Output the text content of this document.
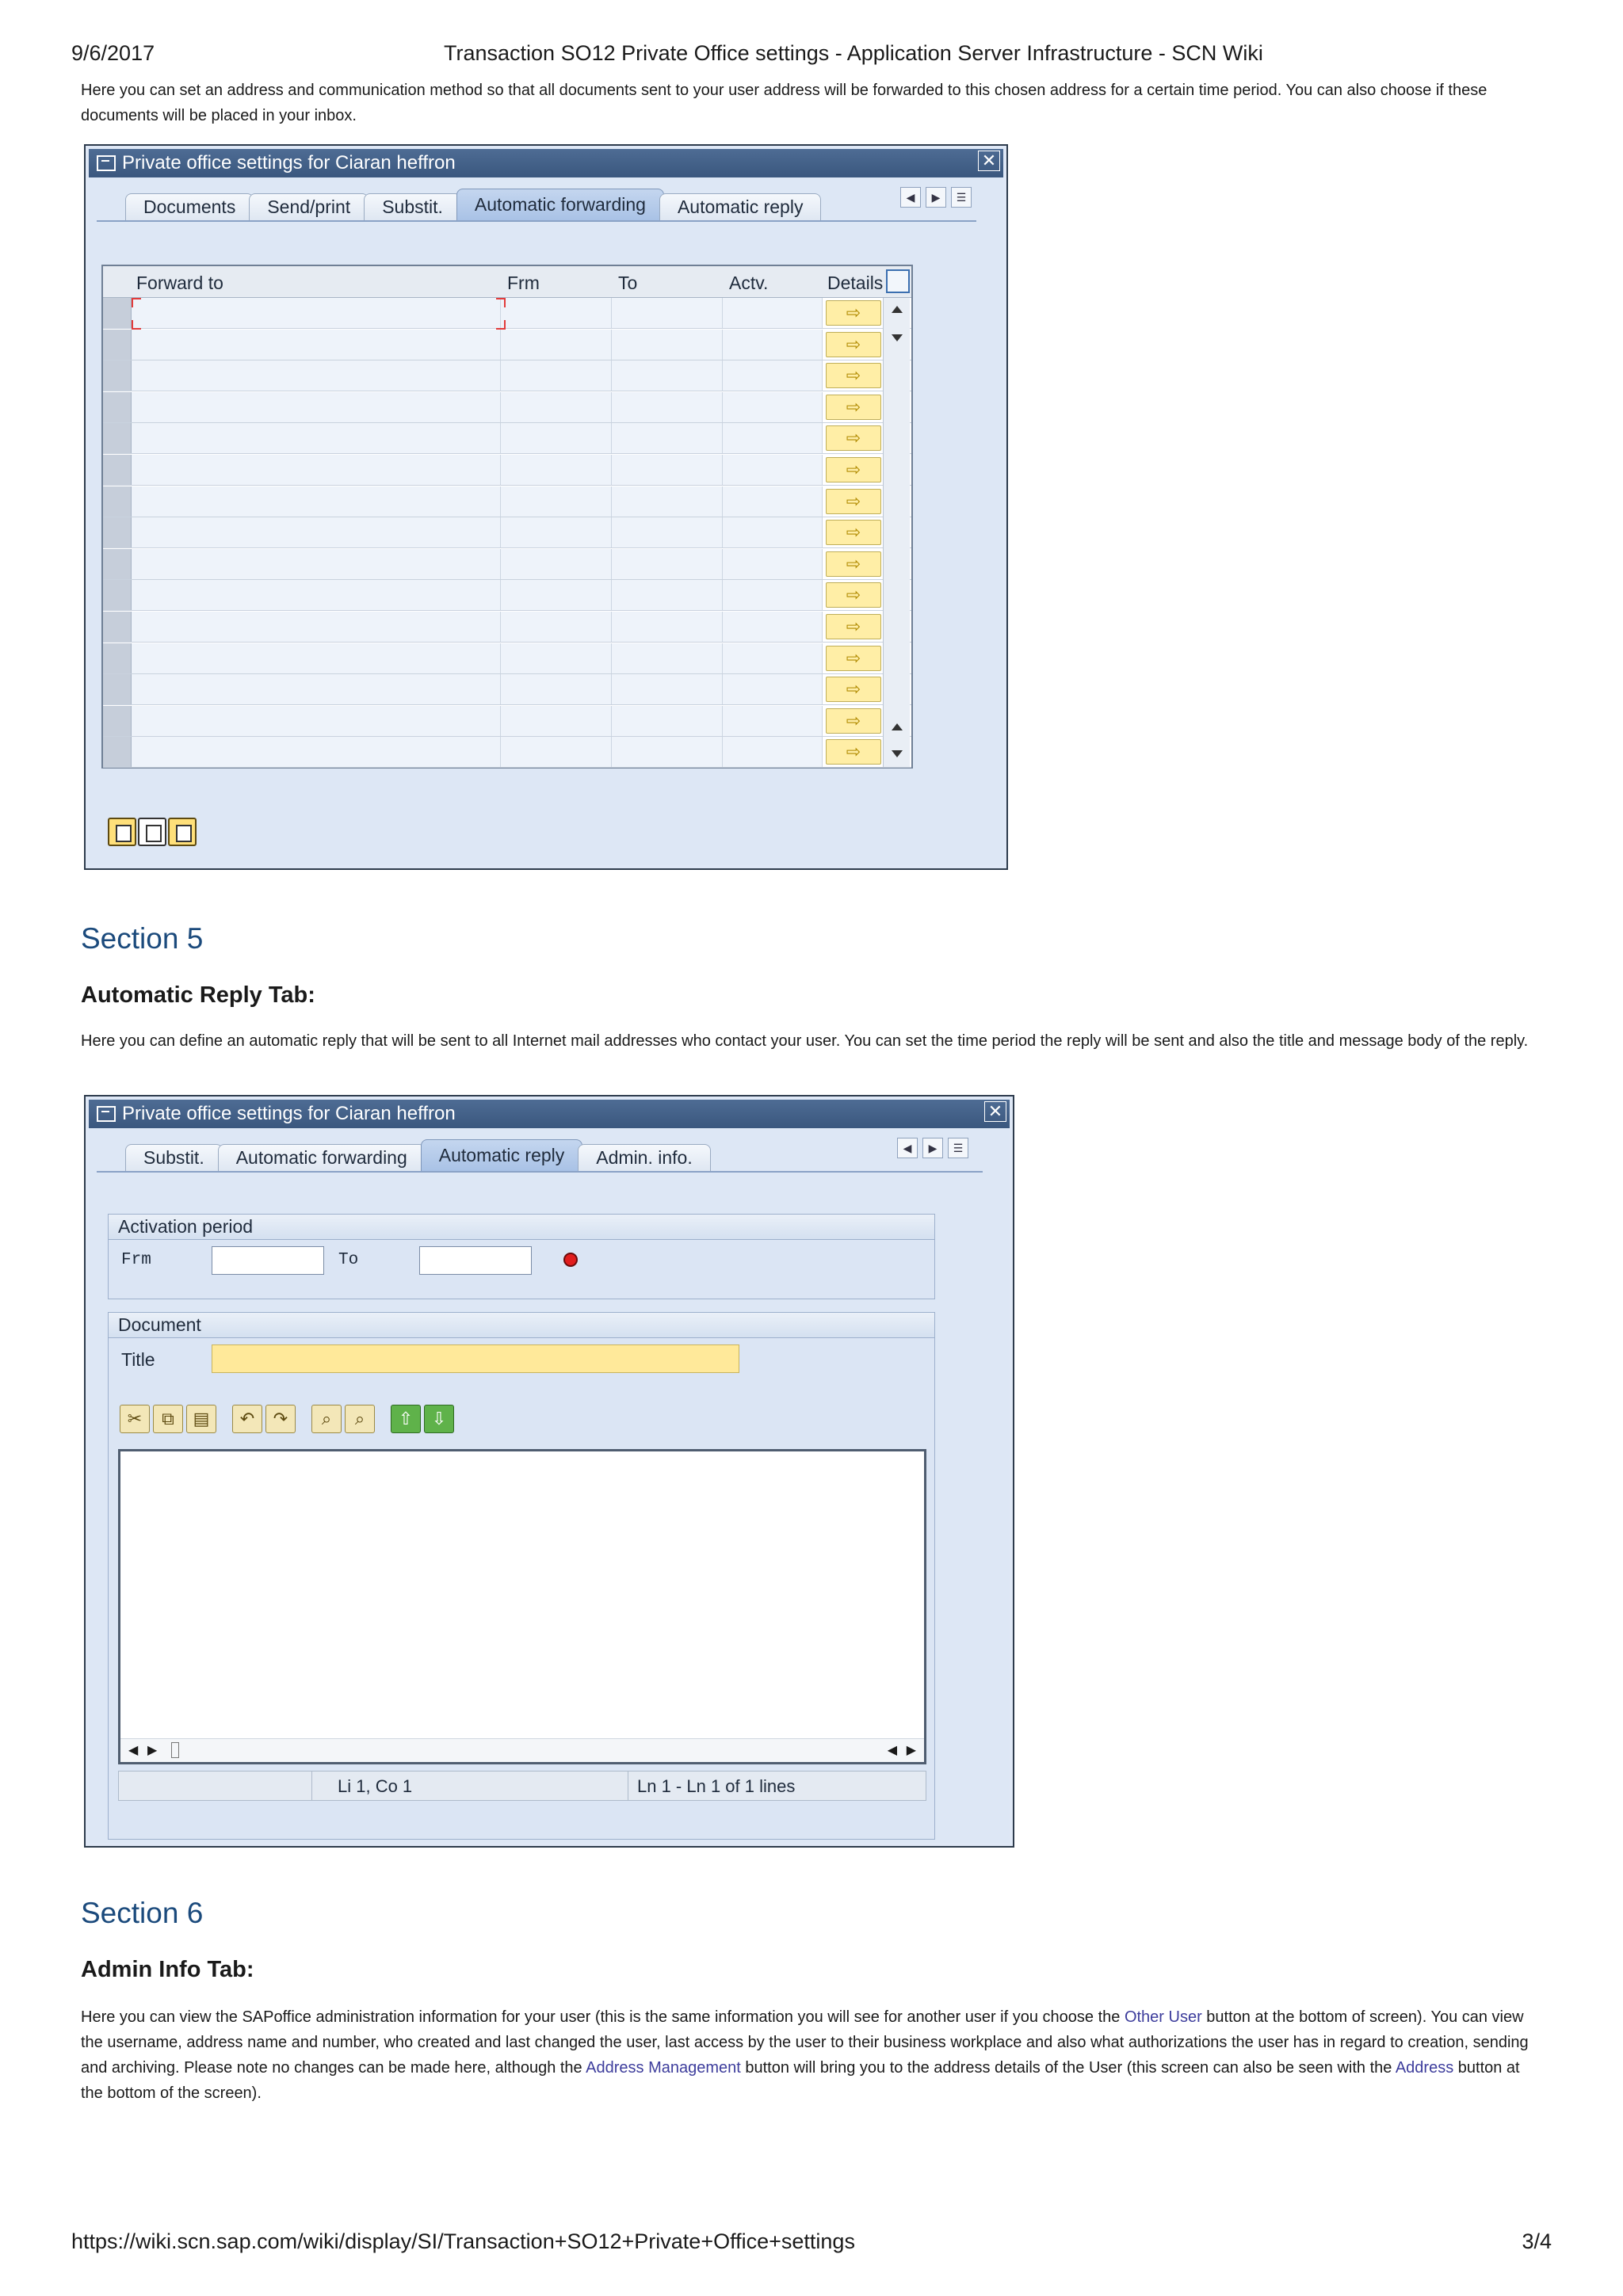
9/6/2017	Transaction SO12 Private Office settings - Application Server Infrastructure - SCN Wiki
Here you can set an address and communication method so that all documents sent to your user address will be forwarded to this chosen address for a certain time period. You can also choose if these documents will be placed in your inbox.
Private office settings for Ciaran heffron	✕
Documents	Send/print	Substit.	Automatic forwarding	Automatic reply	◀	▶	☰
Forward to	Frm	To	Actv.	Details
⇨
⇨
⇨
⇨
⇨
⇨
⇨
⇨
⇨
⇨
⇨
⇨
⇨
⇨
⇨
Section 5
Automatic Reply Tab:
Here you can define an automatic reply that will be sent to all Internet mail addresses who contact your user. You can set the time period the reply will be sent and also the title and message body of the reply.
Private office settings for Ciaran heffron	✕
Substit.	Automatic forwarding	Automatic reply	Admin. info.	◀	▶	☰
Activation period
Frm	To
Document
Title
✂	⧉	▤	↶	↷	⌕	⌕	⇧	⇩
◀ ▶	◀ ▶
Li 1, Co 1	Ln 1 - Ln 1 of 1 lines
Section 6
Admin Info Tab:
Here you can view the SAPoffice administration information for your user (this is the same information you will see for another user if you choose the Other User button at the bottom of screen). You can view the username, address name and number, who created and last changed the user, last access by the user to their business workplace and also what authorizations the user has in regard to creation, sending and archiving. Please note no changes can be made here, although the Address Management button will bring you to the address details of the User (this screen can also be seen with the Address button at the bottom of the screen).
https://wiki.scn.sap.com/wiki/display/SI/Transaction+SO12+Private+Office+settings	3/4
